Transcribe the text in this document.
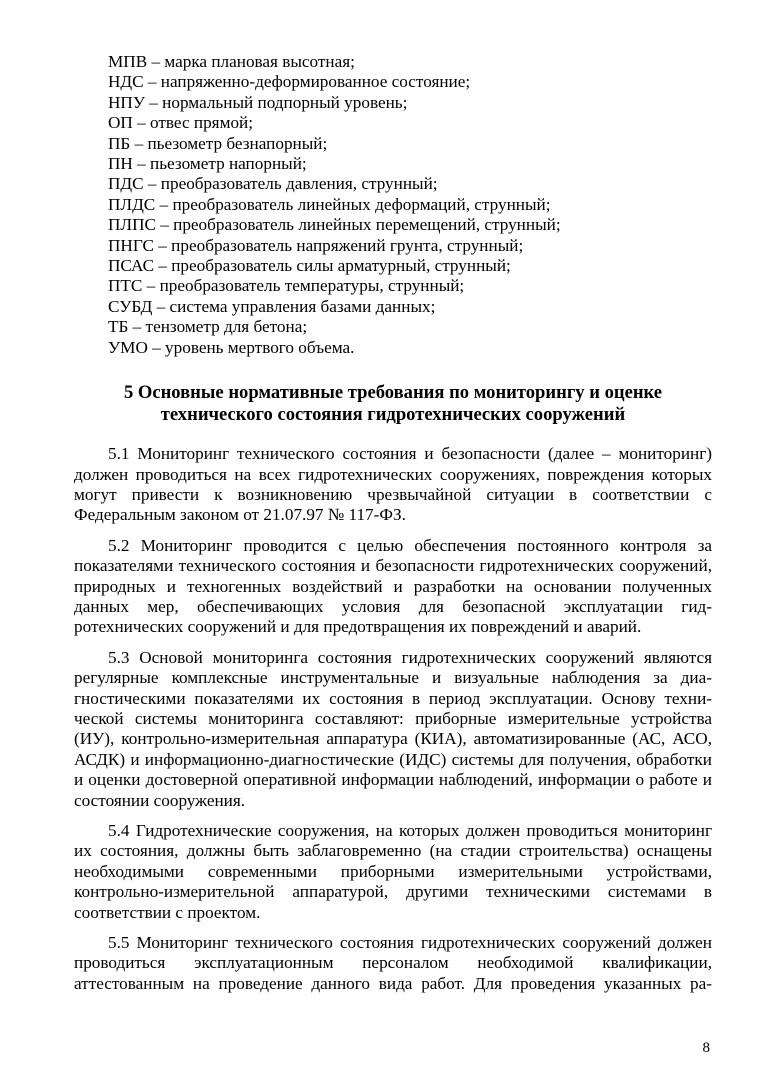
МПВ – марка плановая высотная;
НДС – напряженно-деформированное состояние;
НПУ – нормальный подпорный уровень;
ОП – отвес прямой;
ПБ – пьезометр безнапорный;
ПН – пьезометр напорный;
ПДС – преобразователь давления, струнный;
ПЛДС – преобразователь линейных деформаций, струнный;
ПЛПС – преобразователь линейных перемещений, струнный;
ПНГС – преобразователь напряжений грунта, струнный;
ПСАС – преобразователь силы арматурный, струнный;
ПТС – преобразователь температуры, струнный;
СУБД – система управления базами данных;
ТБ – тензометр для бетона;
УМО – уровень мертвого объема.
5 Основные нормативные требования по мониторингу и оценке технического состояния гидротехнических сооружений

5.1 Мониторинг технического состояния и безопасности (далее – мониторинг) должен проводиться на всех гидротехнических сооружениях, повреждения которых могут привести к возникновению чрезвычайной ситуации в соответствии с Федеральным законом от 21.07.97 № 117-ФЗ.

5.2 Мониторинг проводится с целью обеспечения постоянного контроля за показателями технического состояния и безопасности гидротехнических сооружений, природных и техногенных воздействий и разработки на основании полученных данных мер, обеспечивающих условия для безопасной эксплуатации гидротехнических сооружений и для предотвращения их повреждений и аварий.

5.3 Основой мониторинга состояния гидротехнических сооружений являются регулярные комплексные инструментальные и визуальные наблюдения за диагностическими показателями их состояния в период эксплуатации. Основу технической системы мониторинга составляют: приборные измерительные устройства (ИУ), контрольно-измерительная аппаратура (КИА), автоматизированные (АС, АСО, АСДК) и информационно-диагностические (ИДС) системы для получения, обработки и оценки достоверной оперативной информации наблюдений, информации о работе и состоянии сооружения.

5.4 Гидротехнические сооружения, на которых должен проводиться мониторинг их состояния, должны быть заблаговременно (на стадии строительства) оснащены необходимыми современными приборными измерительными устройствами, контрольно-измерительной аппаратурой, другими техническими системами в соответствии с проектом.

5.5 Мониторинг технического состояния гидротехнических сооружений должен проводиться эксплуатационным персоналом необходимой квалификации, аттестованным на проведение данного вида работ. Для проведения указанных ра-

8
